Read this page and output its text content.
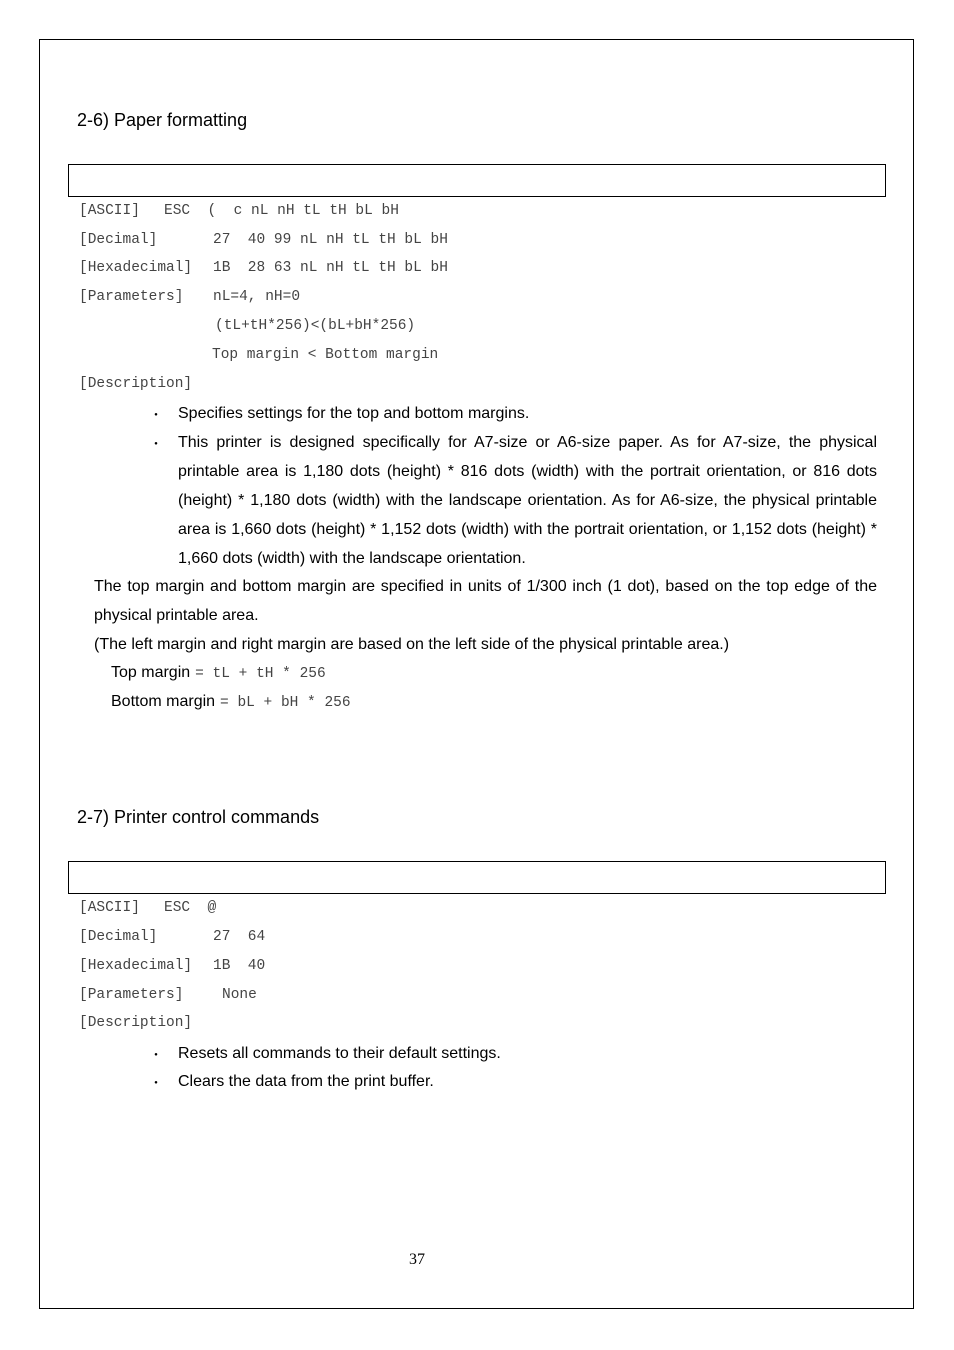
2-6) Paper formatting
[ASCII] ESC  (  c nL nH tL tH bL bH
[Decimal]	27  40 99 nL nH tL tH bL bH
[Hexadecimal] 1B  28 63 nL nH tL tH bL bH
[Parameters] nL=4, nH=0
(tL+tH*256)<(bL+bH*256)
Top margin < Bottom margin
[Description]
・ Specifies settings for the top and bottom margins.
・ This printer is designed specifically for A7-size or A6-size paper. As for A7-size, the physical printable area is 1,180 dots (height) * 816 dots (width) with the portrait orientation, or 816 dots (height) * 1,180 dots (width) with the landscape orientation. As for A6-size, the physical printable area is 1,660 dots (height) * 1,152 dots (width) with the portrait orientation, or 1,152 dots (height) * 1,660 dots (width) with the landscape orientation.
The top margin and bottom margin are specified in units of 1/300 inch (1 dot), based on the top edge of the physical printable area.
(The left margin and right margin are based on the left side of the physical printable area.)
Top margin = tL + tH * 256
Bottom margin = bL + bH * 256
2-7) Printer control commands
[ASCII] ESC  @
[Decimal]	27  64
[Hexadecimal] 1B  40
[Parameters]	None
[Description]
・ Resets all commands to their default settings.
・ Clears the data from the print buffer.
37
